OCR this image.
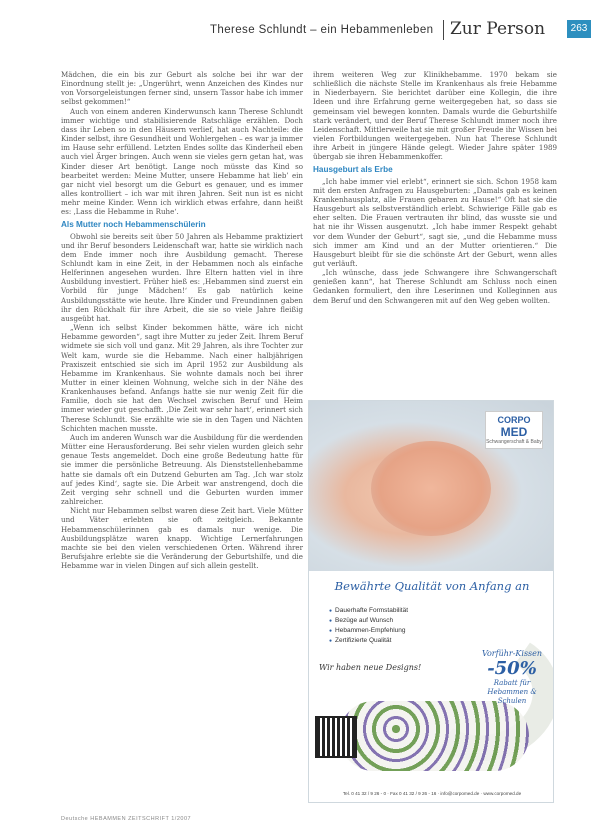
Therese Schlundt – ein Hebammenleben Zur Person	263

Mädchen, die ein bis zur Geburt als solche bei ihr war der Einordnung stellt je: „Ungerührt, wenn Anzeichen des Kindes nur von Vorsorgeleistungen ferner sind, unsern Tassor habe ich immer selbst gekommen!“

Auch von einem anderen Kinderwunsch kann Therese Schlundt immer wichtige und stabilisierende Ratschläge erzählen. Doch dass ihr Leben so in den Häusern verlief, hat auch Nachteile: die Kinder selbst, ihre Gesundheit und Wohlergehen – es war ja immer im Hause sehr erfüllend. Letzten Endes sollte das Kinderheil eben auch viel Ärger bringen. Auch wenn sie vieles gern getan hat, was Kinder dieser Art benötigt. Lange noch müsste das Kind so bearbeitet werden: Meine Mutter, unsere Hebamme hat lieb’ ein gar nicht viel besorgt um die Geburt es genauer, und es immer alles kontrolliert – ich war mit ihren Jahren. Seit nun ist es nicht mehr meine Kinder. Wenn ich wirklich etwas erfahre, dann heißt es: ‚Lass die Hebamme in Ruhe‘.

Als Mutter noch Hebammenschülerin

Obwohl sie bereits seit über 50 Jahren als Hebamme praktiziert und ihr Beruf besonders Leidenschaft war, hatte sie wirklich nach dem Ende immer noch ihre Ausbildung gemacht. Therese Schlundt kam in eine Zeit, in der Hebammen noch als einfache Helferinnen angesehen wurden. Ihre Eltern hatten viel in ihre Ausbildung investiert. Früher hieß es: ‚Hebammen sind zuerst ein Vorbild für junge Mädchen!‘ Es gab natürlich keine Ausbildungsstätte wie heute. Ihre Kinder und Freundinnen gaben ihr den Rückhalt für ihre Arbeit, die sie so viele Jahre fleißig ausgeübt hat.

„Wenn ich selbst Kinder bekommen hätte, wäre ich nicht Hebamme geworden“, sagt ihre Mutter zu jeder Zeit. Ihrem Beruf widmete sie sich voll und ganz. Mit 29 Jahren, als ihre Tochter zur Welt kam, wurde sie die Hebamme. Nach einer halbjährigen Praxiszeit entschied sie sich im April 1952 zur Ausbildung als Hebamme im Krankenhaus. Sie wohnte damals noch bei ihrer Mutter in einer kleinen Wohnung, welche sich in der Nähe des Krankenhauses befand. Anfangs hatte sie nur wenig Zeit für die Familie, doch sie hat den Wechsel zwischen Beruf und Heim immer wieder gut geschafft. ‚Die Zeit war sehr hart‘, erinnert sich Therese Schlundt. Sie erzählte wie sie in den Tagen und Nächten Schichten machen musste.

Auch im anderen Wunsch war die Ausbildung für die werdenden Mütter eine Herausforderung. Bei sehr vielen wurden gleich sehr genaue Tests angemeldet. Doch eine große Bedeutung hatte für sie immer die persönliche Betreuung. Als Dienststellenhebamme hatte sie damals oft ein Dutzend Geburten am Tag. ‚Ich war stolz auf jedes Kind‘, sagte sie. Die Arbeit war anstrengend, doch die Zeit verging sehr schnell und die Geburten wurden immer zahlreicher.

Nicht nur Hebammen selbst waren diese Zeit hart. Viele Mütter und Väter erlebten sie oft zeitgleich. Bekannte Hebammenschülerinnen gab es damals nur wenige. Die Ausbildungsplätze waren knapp. Wichtige Lernerfahrungen machte sie bei den vielen verschiedenen Orten. Während ihrer Berufsjahre erlebte sie die Veränderung der Geburtshilfe, und die Hebamme war in vielen Dingen auf sich allein gestellt.

ihrem weiteren Weg zur Klinikhebamme. 1970 bekam sie schließlich die nächste Stelle im Krankenhaus als freie Hebamme in Niederbayern. Sie berichtet darüber eine Kollegin, die ihre Ideen und ihre Erfahrung gerne weitergegeben hat, so dass sie gemeinsam viel bewegen konnten. Damals wurde die Geburtshilfe stark verändert, und der Beruf Therese Schlundt immer noch ihre Leidenschaft. Mittlerweile hat sie mit großer Freude ihr Wissen bei vielen Fortbildungen weitergegeben. Nun hat Therese Schlundt ihre Arbeit in jüngere Hände gelegt. Wieder Jahre später 1989 übergab sie ihren Hebammenkoffer.

Hausgeburt als Erbe

„Ich habe immer viel erlebt“, erinnert sie sich. Schon 1958 kam mit den ersten Anfragen zu Hausgeburten: „Damals gab es keinen Krankenhausplatz, alle Frauen gebaren zu Hause!“ Oft hat sie die Hausgeburt als selbstverständlich erlebt. Schwierige Fälle gab es eher selten. Die Frauen vertrauten ihr blind, das wusste sie und hat nie ihr Wissen ausgenutzt. „Ich habe immer Respekt gehabt vor dem Wunder der Geburt“, sagt sie, „und die Hebamme muss sich immer am Kind und an der Mutter orientieren.“ Die Hausgeburt bleibt für sie die schönste Art der Geburt, wenn alles gut verläuft.

„Ich wünsche, dass jede Schwangere ihre Schwangerschaft genießen kann“, hat Therese Schlundt am Schluss noch einen Gedanken formuliert, den ihre Leserinnen und Kolleginnen aus dem Beruf und den Schwangeren mit auf den Weg geben wollten.

CORPO
MED
Schwangerschaft & Baby
Bewährte Qualität von Anfang an
● Dauerhafte Formstabilität
● Bezüge auf Wunsch
● Hebammen-Empfehlung
● Zertifizierte Qualität
Wir haben neue Designs!
Vorführ-Kissen
-50%
Rabatt für Hebammen & Schulen
Tel. 0 41 32 / 9 26 - 0 · Fax 0 41 32 / 9 26 - 16 · info@corpomed.de · www.corpomed.de
Deutsche HEBAMMEN ZEITSCHRIFT 1/2007
